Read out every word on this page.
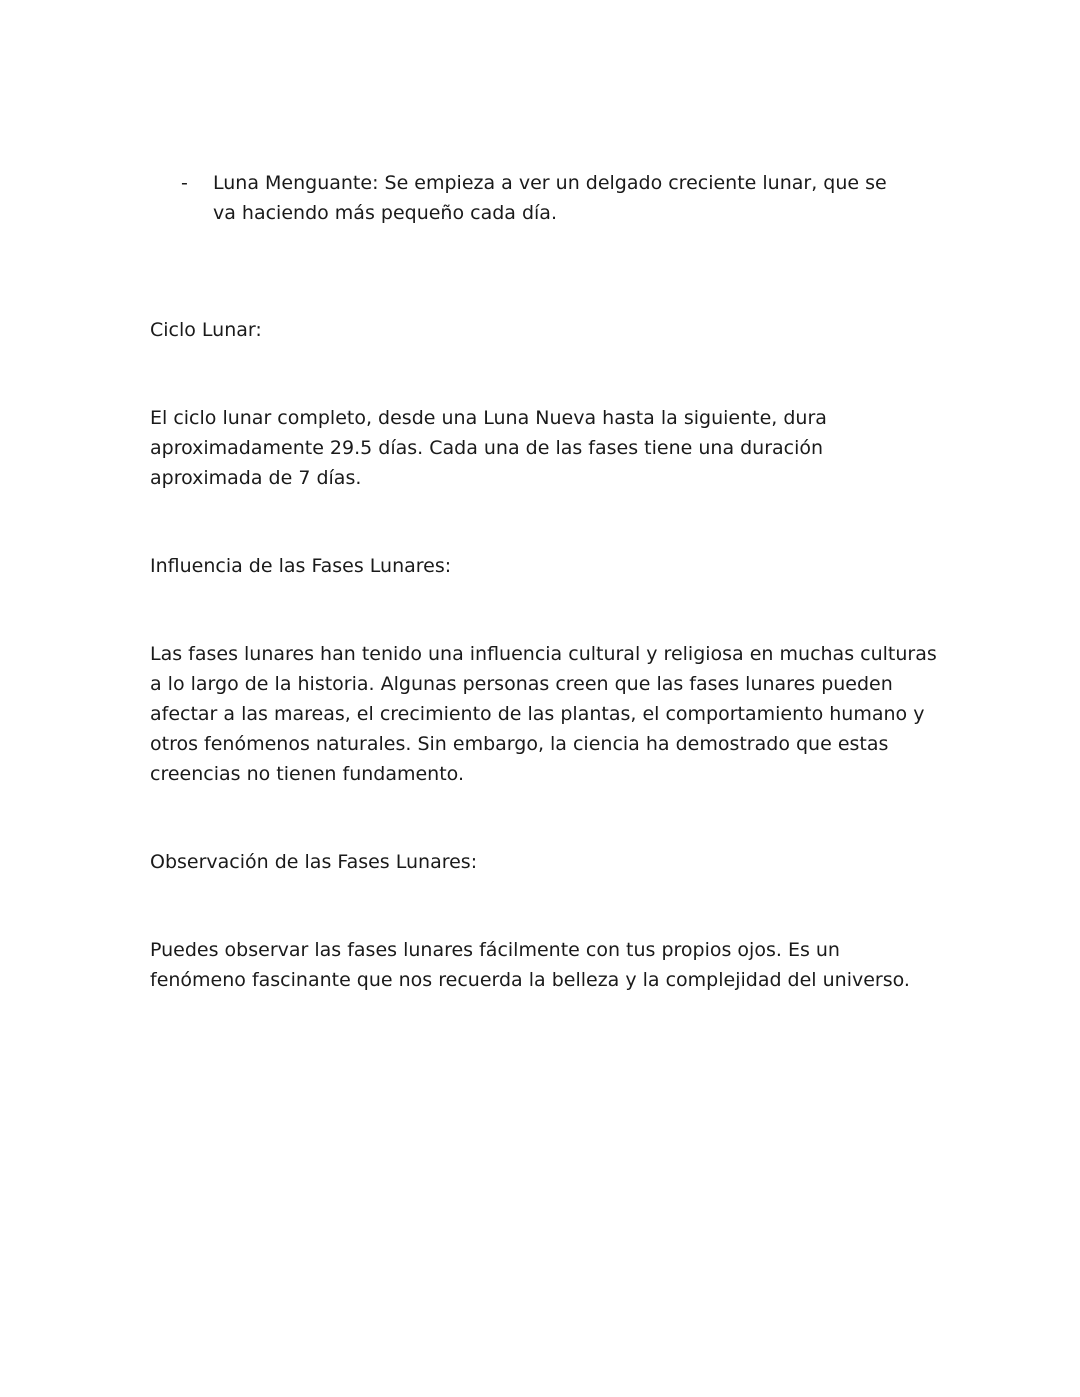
-	Luna Menguante: Se empieza a ver un delgado creciente lunar, que se va haciendo más pequeño cada día.

Ciclo Lunar:

El ciclo lunar completo, desde una Luna Nueva hasta la siguiente, dura aproximadamente 29.5 días. Cada una de las fases tiene una duración aproximada de 7 días.

Influencia de las Fases Lunares:

Las fases lunares han tenido una influencia cultural y religiosa en muchas culturas a lo largo de la historia. Algunas personas creen que las fases lunares pueden afectar a las mareas, el crecimiento de las plantas, el comportamiento humano y otros fenómenos naturales. Sin embargo, la ciencia ha demostrado que estas creencias no tienen fundamento.

Observación de las Fases Lunares:

Puedes observar las fases lunares fácilmente con tus propios ojos. Es un fenómeno fascinante que nos recuerda la belleza y la complejidad del universo.
